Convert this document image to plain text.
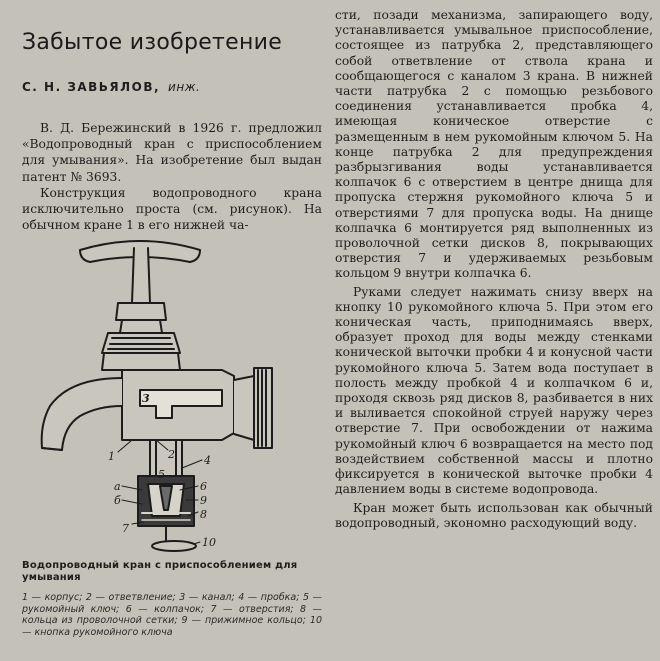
Забытое изобретение
С. Н. ЗАВЬЯЛОВ, инж.

В. Д. Бережинский в 1926 г. предложил «Водопроводный кран с приспособлением для умывания». На изобретение был выдан патент № 3693.

Конструкция водопроводного крана исключительно проста (см. рисунок). На обычном кране 1 в его нижней ча-

1	2
3
4
5
6
7
8
9
10
a
б
Водопроводный кран с приспособлением для умывания
1 — корпус; 2 — ответвление; 3 — канал; 4 — пробка; 5 — рукомойный ключ; 6 — колпачок; 7 — отверстия; 8 — кольца из проволочной сетки; 9 — прижимное кольцо; 10 — кнопка рукомойного ключа

сти, позади механизма, запирающего воду, устанавливается умывальное приспособление, состоящее из патрубка 2, представляющего собой ответвление от ствола крана и сообщающегося с каналом 3 крана. В нижней части патрубка 2 с помощью резьбового соединения устанавливается пробка 4, имеющая коническое отверстие с размещенным в нем рукомойным ключом 5. На конце патрубка 2 для предупреждения разбрызгивания воды устанавливается колпачок 6 с отверстием в центре днища для пропуска стержня рукомойного ключа 5 и отверстиями 7 для пропуска воды. На днище колпачка 6 монтируется ряд выполненных из проволочной сетки дисков 8, покрывающих отверстия 7 и удерживаемых резьбовым кольцом 9 внутри колпачка 6.

Руками следует нажимать снизу вверх на кнопку 10 рукомойного ключа 5. При этом его коническая часть, приподнимаясь вверх, образует проход для воды между стенками конической выточки пробки 4 и конусной части рукомойного ключа 5. Затем вода поступает в полость между пробкой 4 и колпачком 6 и, проходя сквозь ряд дисков 8, разбивается в них и выливается спокойной струей наружу через отверстие 7. При освобождении от нажима рукомойный ключ 6 возвращается на место под воздействием собственной массы и плотно фиксируется в конической выточке пробки 4 давлением воды в системе водопровода.

Кран может быть использован как обычный водопроводный, экономно расходующий воду.
